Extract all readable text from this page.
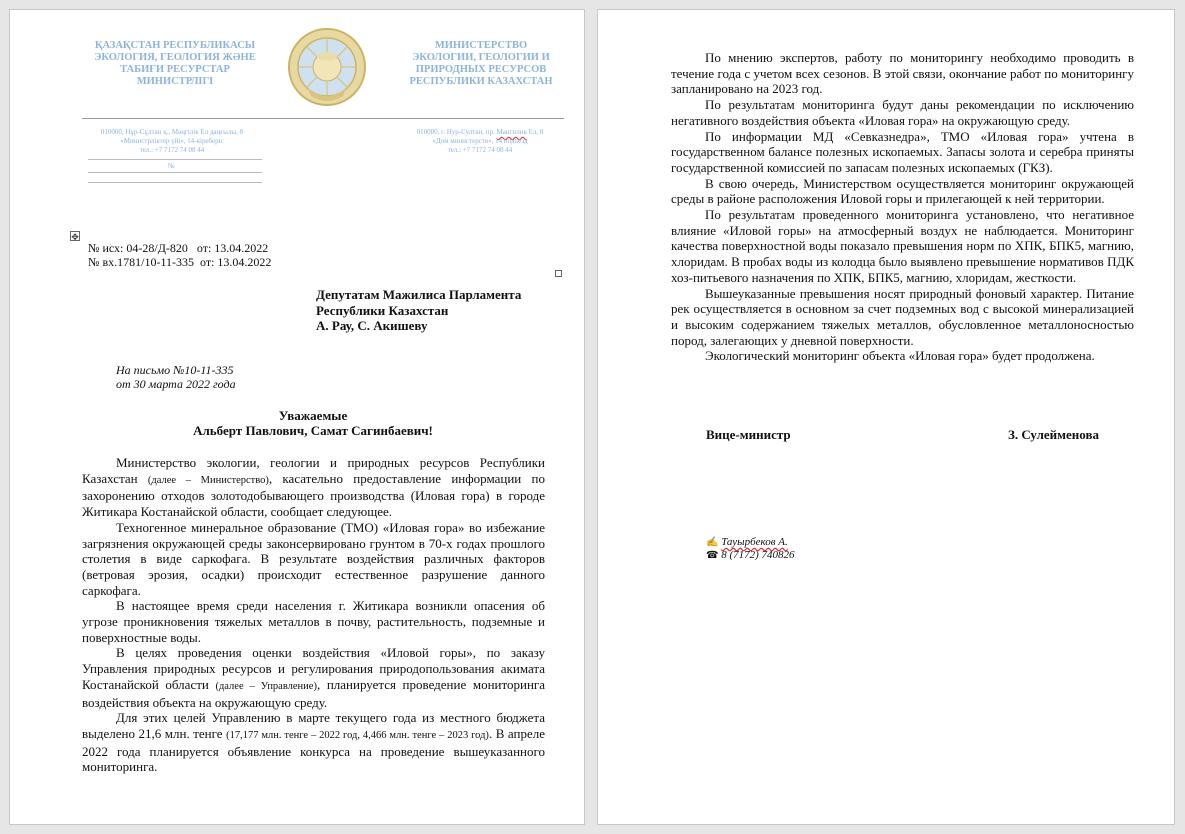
ҚАЗАҚСТАН РЕСПУБЛИКАСЫ
ЭКОЛОГИЯ, ГЕОЛОГИЯ ЖӘНЕ
ТАБИҒИ РЕСУРСТАР
МИНИСТРЛІГІ
МИНИСТЕРСТВО
ЭКОЛОГИИ, ГЕОЛОГИИ И
ПРИРОДНЫХ РЕСУРСОВ
РЕСПУБЛИКИ КАЗАХСТАН
010000, Нұр-Сұлтан қ., Мәңгілік Ел даңғылы, 8
«Министрліктер үйі», 14-кіреберіс
тел.: +7 7172 74 08 44
010000, г. Нур-Султан, пр. Мангилик Ел, 8
«Дом министерств», 14 подъезд
тел.: +7 7172 74 08 44
№
✥
№ исх: 04-28/Д-820   от: 13.04.2022
№ вх.1781/10-11-335  от: 13.04.2022
Депутатам Мажилиса Парламента
Республики Казахстан
А. Рау, С. Акишеву
На письмо №10-11-335
от 30 марта 2022 года
Уважаемые
Альберт Павлович, Самат Сагинбаевич!

Министерство экологии, геологии и природных ресурсов Республики Казахстан (далее – Министерство), касательно предоставление информации по захоронению отходов золотодобывающего производства (Иловая гора) в городе Житикара Костанайской области, сообщает следующее.

Техногенное минеральное образование (ТМО) «Иловая гора» во избежание загрязнения окружающей среды законсервировано грунтом в 70-х годах прошлого столетия в виде саркофага. В результате воздействия различных факторов (ветровая эрозия, осадки) происходит естественное разрушение данного саркофага.

В настоящее время среди населения г. Житикара возникли опасения об угрозе проникновения тяжелых металлов в почву, растительность, подземные и поверхностные воды.

В целях проведения оценки воздействия «Иловой горы», по заказу Управления природных ресурсов и регулирования природопользования акимата Костанайской области (далее – Управление), планируется проведение мониторинга воздействия объекта на окружающую среду.

Для этих целей Управлению в марте текущего года из местного бюджета выделено 21,6 млн. тенге (17,177 млн. тенге – 2022 год, 4,466 млн. тенге – 2023 год). В апреле 2022 года планируется объявление конкурса на проведение вышеуказанного мониторинга.

По мнению экспертов, работу по мониторингу необходимо проводить в течение года с учетом всех сезонов. В этой связи, окончание работ по мониторингу запланировано на 2023 год.

По результатам мониторинга будут даны рекомендации по исключению негативного воздействия объекта «Иловая гора» на окружающую среду.

По информации МД «Севказнедра», ТМО «Иловая гора» учтена в государственном балансе полезных ископаемых. Запасы золота и серебра приняты государственной комиссией по запасам полезных ископаемых (ГКЗ).

В свою очередь, Министерством осуществляется мониторинг окружающей среды в районе расположения Иловой горы и прилегающей к ней территории.

По результатам проведенного мониторинга установлено, что негативное влияние «Иловой горы» на атмосферный воздух не наблюдается. Мониторинг качества поверхностной воды показало превышения норм по ХПК, БПК5, магнию, хлоридам. В пробах воды из колодца было выявлено превышение нормативов ПДК хоз-питьевого назначения по ХПК, БПК5, магнию, хлоридам, жесткости.

Вышеуказанные превышения носят природный фоновый характер. Питание рек осуществляется в основном за счет подземных вод с высокой минерализацией и высоким содержанием тяжелых металлов, обусловленное металлоносностью пород, залегающих у дневной поверхности.

Экологический мониторинг объекта «Иловая гора» будет продолжена.

Вице-министр	З. Сулейменова
✍ Тауырбеков А.
☎ 8 (7172) 740826
